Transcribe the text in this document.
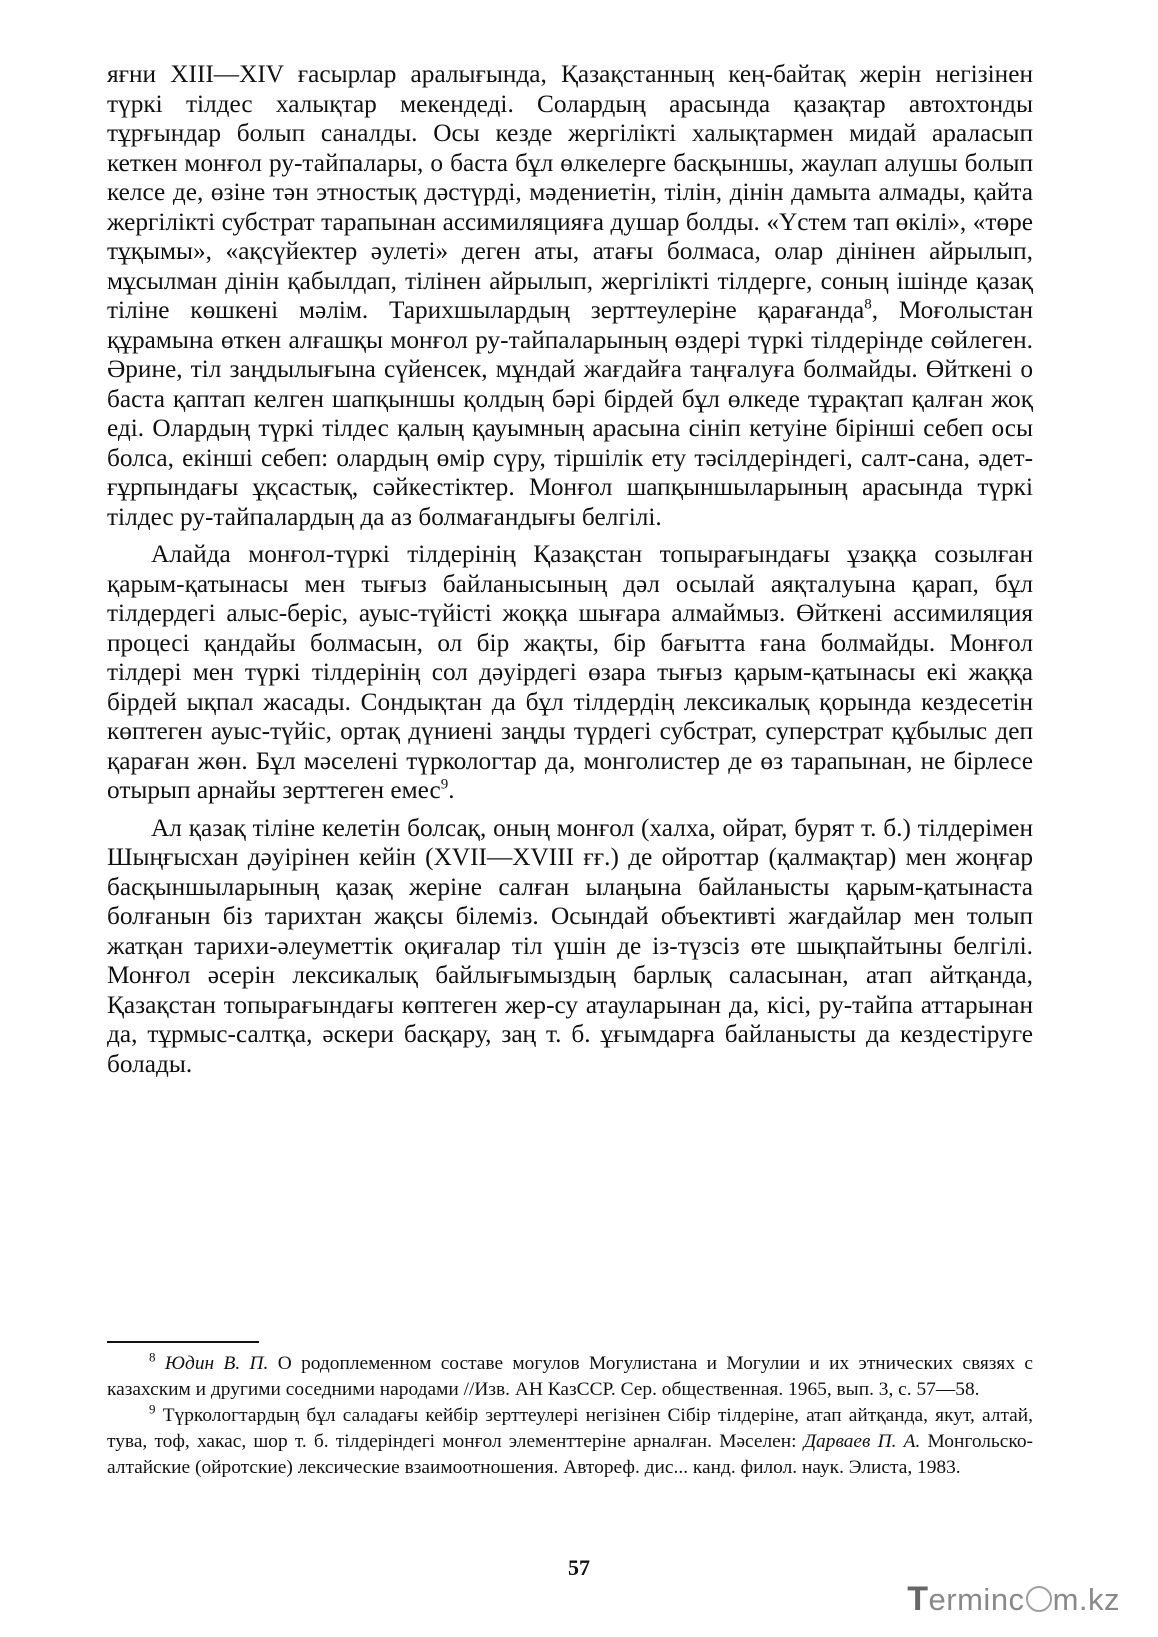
яғни XIII—XIV ғасырлар аралығында, Қазақстанның кең-байтақ жерін негізінен түркі тілдес халықтар мекендеді. Солардың арасында қазақтар автохтонды тұрғындар болып саналды. Осы кезде жергілікті халықтармен мидай араласып кеткен монғол ру-тайпалары, о баста бұл өлкелерге басқыншы, жаулап алушы болып келсе де, өзіне тән этностық дәстүрді, мәдениетін, тілін, дінін дамыта алмады, қайта жергілікті субстрат тарапынан ассимиляцияға душар болды. «Үстем тап өкілі», «төре тұқымы», «ақсүйектер әулеті» деген аты, атағы болмаса, олар дінінен айрылып, мұсылман дінін қабылдап, тілінен айрылып, жергілікті тілдерге, соның ішінде қазақ тіліне көшкені мәлім. Тарихшылардың зерттеулеріне қарағанда$^8$, Моғолыстан құрамына өткен алғашқы монғол ру-тайпаларының өздері түркі тілдерінде сөйлеген. Әрине, тіл заңдылығына сүйенсек, мұндай жағдайға таңғалуға болмайды. Өйткені о баста қаптап келген шапқыншы қолдың бәрі бірдей бұл өлкеде тұрақтап қалған жоқ еді. Олардың түркі тілдес қалың қауымның арасына сініп кетуіне бірінші себеп осы болса, екінші себеп: олардың өмір сүру, тіршілік ету тәсілдеріндегі, салт-сана, әдет-ғұрпындағы ұқсастық, сәйкестіктер. Монғол шапқыншыларының арасында түркі тілдес ру-тайпалардың да аз болмағандығы белгілі.

Алайда монғол-түркі тілдерінің Қазақстан топырағындағы ұзаққа созылған қарым-қатынасы мен тығыз байланысының дәл осылай аяқталуына қарап, бұл тілдердегі алыс-беріс, ауыс-түйісті жоққа шығара алмаймыз. Өйткені ассимиляция процесі қандайы болмасын, ол бір жақты, бір бағытта ғана болмайды. Монғол тілдері мен түркі тілдерінің сол дәуірдегі өзара тығыз қарым-қатынасы екі жаққа бірдей ықпал жасады. Сондықтан да бұл тілдердің лексикалық қорында кездесетін көптеген ауыс-түйіс, ортақ дүниені заңды түрдегі субстрат, суперстрат құбылыс деп қараған жөн. Бұл мәселені түркологтар да, монголистер де өз тарапынан, не бірлесе отырып арнайы зерттеген емес$^9$.

Ал қазақ тіліне келетін болсақ, оның монғол (халха, ойрат, бурят т. б.) тілдерімен Шыңғысхан дәуірінен кейін (XVII—XVIII ғғ.) де ойроттар (қалмақтар) мен жоңғар басқыншыларының қазақ жеріне салған ылаңына байланысты қарым-қатынаста болғанын біз тарихтан жақсы білеміз. Осындай объективті жағдайлар мен толып жатқан тарихи-әлеуметтік оқиғалар тіл үшін де із-түзсіз өте шықпайтыны белгілі. Монғол әсерін лексикалық байлығымыздың барлық саласынан, атап айтқанда, Қазақстан топырағындағы көптеген жер-су атауларынан да, кісі, ру-тайпа аттарынан да, тұрмыс-салтқа, әскери басқару, заң т. б. ұғымдарға байланысты да кездестіруге болады.

$^8$ Юдин В. П. О родоплеменном составе могулов Могулистана и Могулии и их этнических связях с казахским и другими соседними народами //Изв. АН КазССР. Сер. общественная. 1965, вып. 3, с. 57—58.

$^9$ Түркологтардың бұл саладағы кейбір зерттеулері негізінен Сібір тілдеріне, атап айтқанда, якут, алтай, тува, тоф, хакас, шор т. б. тілдеріндегі монғол элементтеріне арналған. Мәселен: Дарваев П. А. Монгольско-алтайские (ойротские) лексические взаимоотношения. Автореф. дис... канд. филол. наук. Элиста, 1983.

57
Terminc m.kz
